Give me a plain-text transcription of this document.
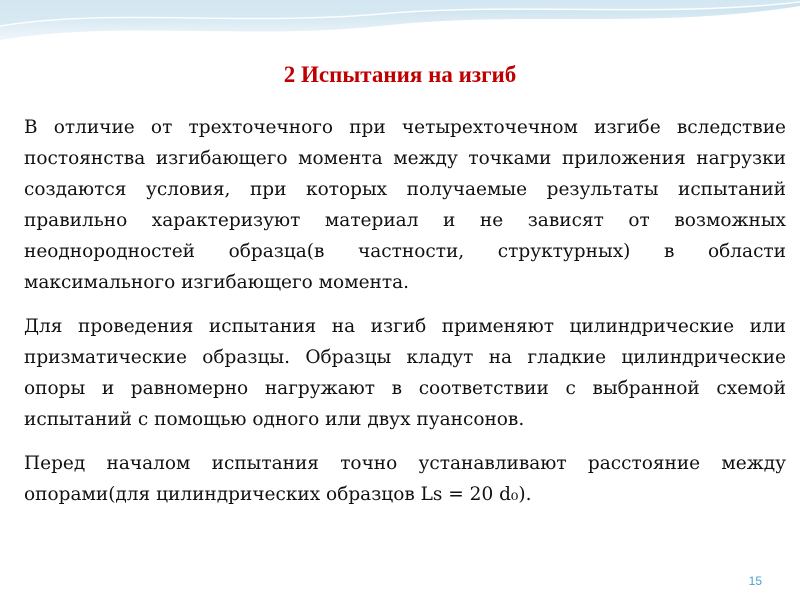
2 Испытания на изгиб

В отличие от трехточечного при четырехточечном изгибе вследствие постоянства изгибающего момента между точками приложения нагрузки создаются условия, при которых получаемые результаты испытаний правильно характеризуют материал и не зависят от возможных неоднородностей образца(в частности, структурных) в области максимального изгибающего момента.

Для проведения испытания на изгиб применяют цилиндрические или призматические образцы. Образцы кладут на гладкие цилиндрические опоры и равномерно нагружают в соответствии с выбранной схемой испытаний с помощью одного или двух пуансонов.

Перед началом испытания точно устанавливают расстояние между опорами(для цилиндрических образцов Ls = 20 d₀).

15
